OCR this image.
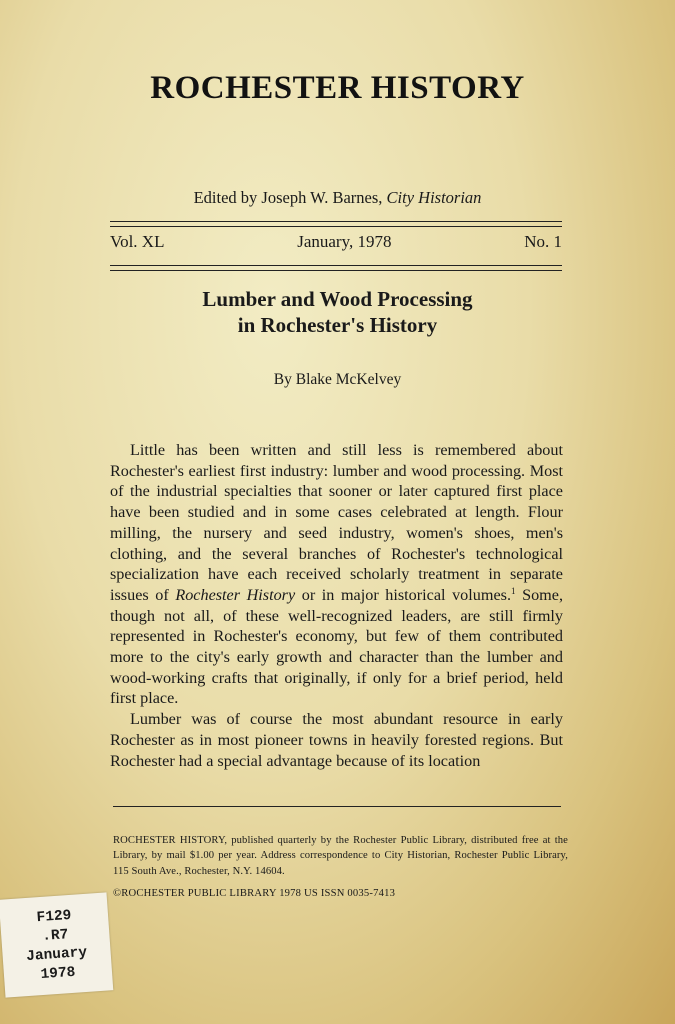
ROCHESTER HISTORY
Edited by Joseph W. Barnes, City Historian
Vol. XL	January, 1978	No. 1
Lumber and Wood Processing
in Rochester's History
By Blake McKelvey

Little has been written and still less is remembered about Rochester's earliest first industry: lumber and wood processing. Most of the industrial specialties that sooner or later captured first place have been studied and in some cases celebrated at length. Flour milling, the nursery and seed industry, women's shoes, men's clothing, and the several branches of Rochester's technological specialization have each received scholarly treatment in separate issues of Rochester History or in major historical volumes.$^1$ Some, though not all, of these well-recognized leaders, are still firmly represented in Rochester's economy, but few of them contributed more to the city's early growth and character than the lumber and wood-working crafts that originally, if only for a brief period, held first place.

Lumber was of course the most abundant resource in early Rochester as in most pioneer towns in heavily forested regions. But Rochester had a special advantage because of its location

ROCHESTER HISTORY, published quarterly by the Rochester Public Library, distributed free at the Library, by mail $1.00 per year. Address correspondence to City Historian, Rochester Public Library, 115 South Ave., Rochester, N.Y. 14604.
©ROCHESTER PUBLIC LIBRARY 1978 US ISSN 0035-7413
F129
.R7
January
1978
